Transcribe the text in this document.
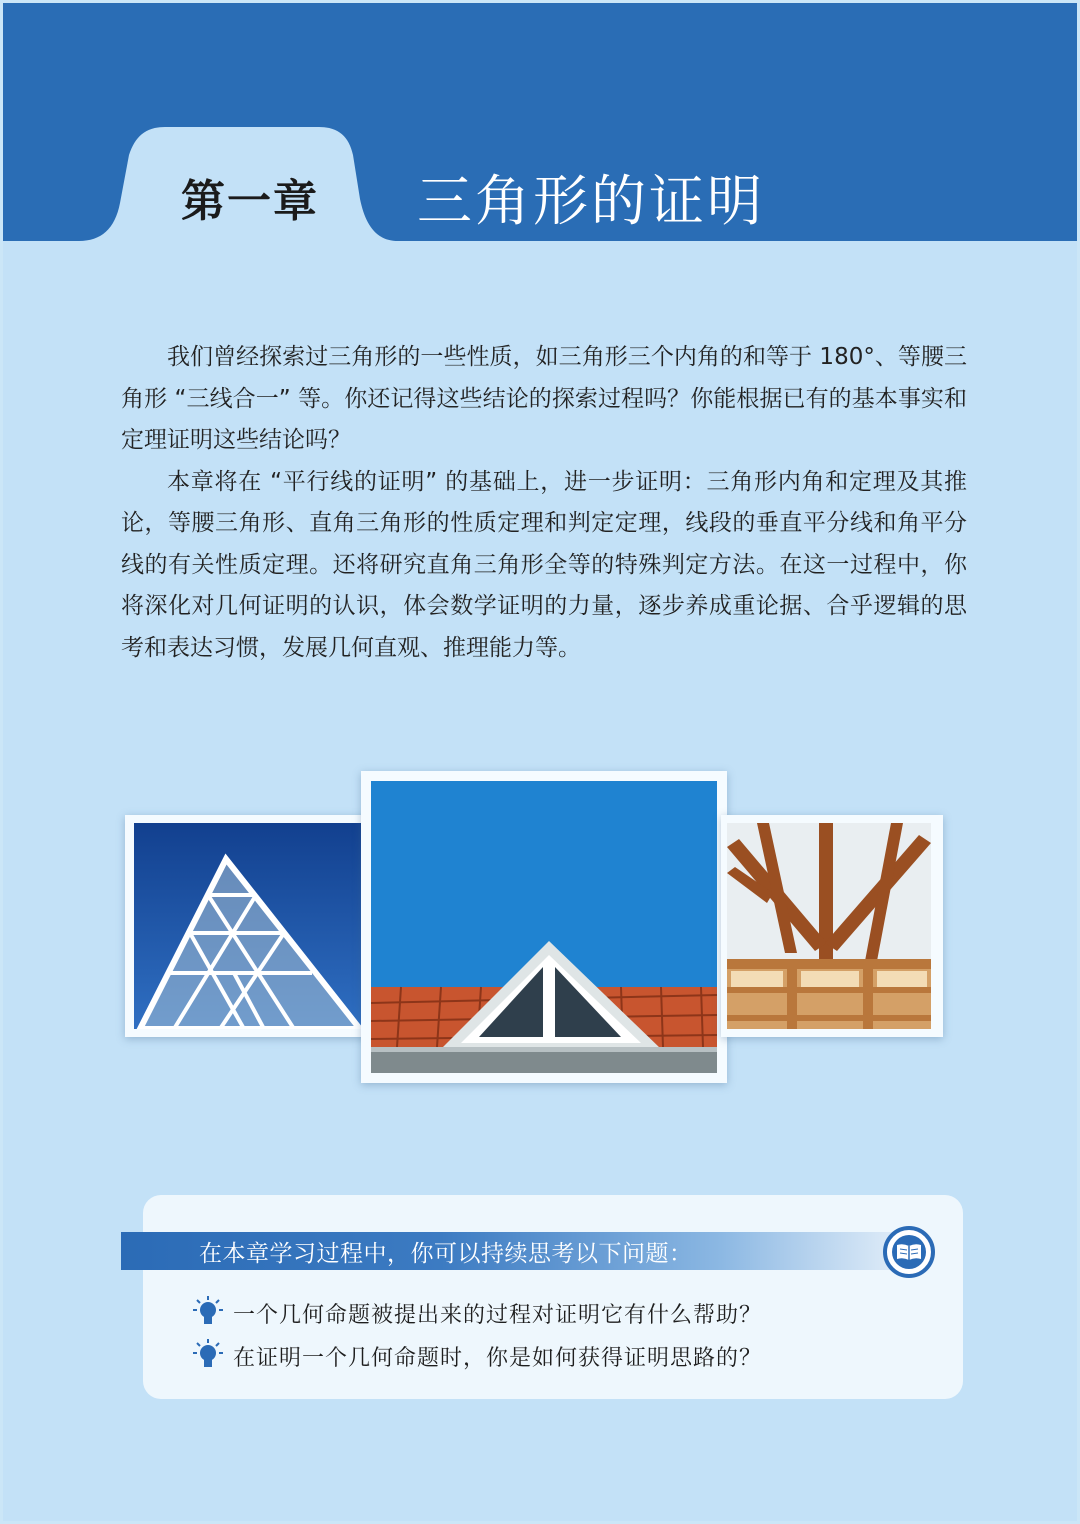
第一章 三角形的证明

我们曾经探索过三角形的一些性质，如三角形三个内角的和等于 180°、等腰三角形 “三线合一” 等。你还记得这些结论的探索过程吗？你能根据已有的基本事实和定理证明这些结论吗？

本章将在 “平行线的证明” 的基础上，进一步证明：三角形内角和定理及其推论，等腰三角形、直角三角形的性质定理和判定定理，线段的垂直平分线和角平分线的有关性质定理。还将研究直角三角形全等的特殊判定方法。在这一过程中，你将深化对几何证明的认识，体会数学证明的力量，逐步养成重论据、合乎逻辑的思考和表达习惯，发展几何直观、推理能力等。

在本章学习过程中，你可以持续思考以下问题：
一个几何命题被提出来的过程对证明它有什么帮助？
在证明一个几何命题时，你是如何获得证明思路的？
